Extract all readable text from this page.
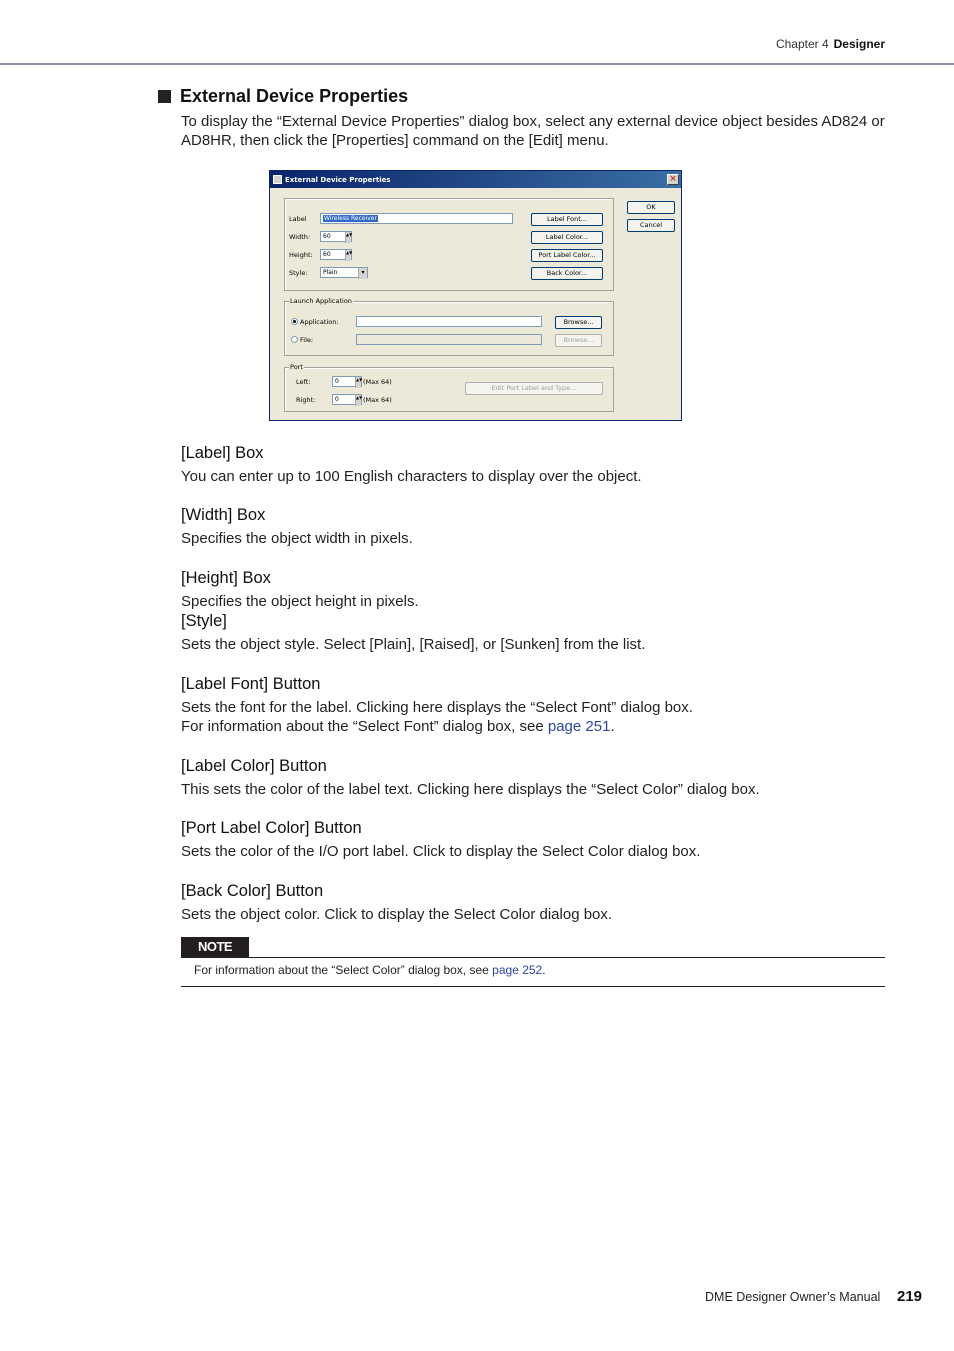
Chapter 4 Designer
External Device Properties
To display the “External Device Properties” dialog box, select any external device object besides AD824 or AD8HR, then click the [Properties] command on the [Edit] menu.
External Device Properties	×
OK
Cancel
Label	Wireless Receiver
Width:	60	▲▼
Height:	60	▲▼
Style:	Plain	▾
Label Font...
Label Color...
Port Label Color...
Back Color...
Launch Application
Application:	Browse...
File:	Browse...
Port
Left:	0	▲▼ (Max 64)
Right:	0	▲▼ (Max 64)
Edit Port Label and Type...
[Label] Box
You can enter up to 100 English characters to display over the object.
[Width] Box
Specifies the object width in pixels.
[Height] Box
Specifies the object height in pixels.
[Style]
Sets the object style. Select [Plain], [Raised], or [Sunken] from the list.
[Label Font] Button
Sets the font for the label. Clicking here displays the “Select Font” dialog box.
For information about the “Select Font” dialog box, see page 251.
[Label Color] Button
This sets the color of the label text. Clicking here displays the “Select Color” dialog box.
[Port Label Color] Button
Sets the color of the I/O port label. Click to display the Select Color dialog box.
[Back Color] Button
Sets the object color. Click to display the Select Color dialog box.
NOTE
For information about the “Select Color” dialog box, see page 252.
DME Designer Owner’s Manual 219
